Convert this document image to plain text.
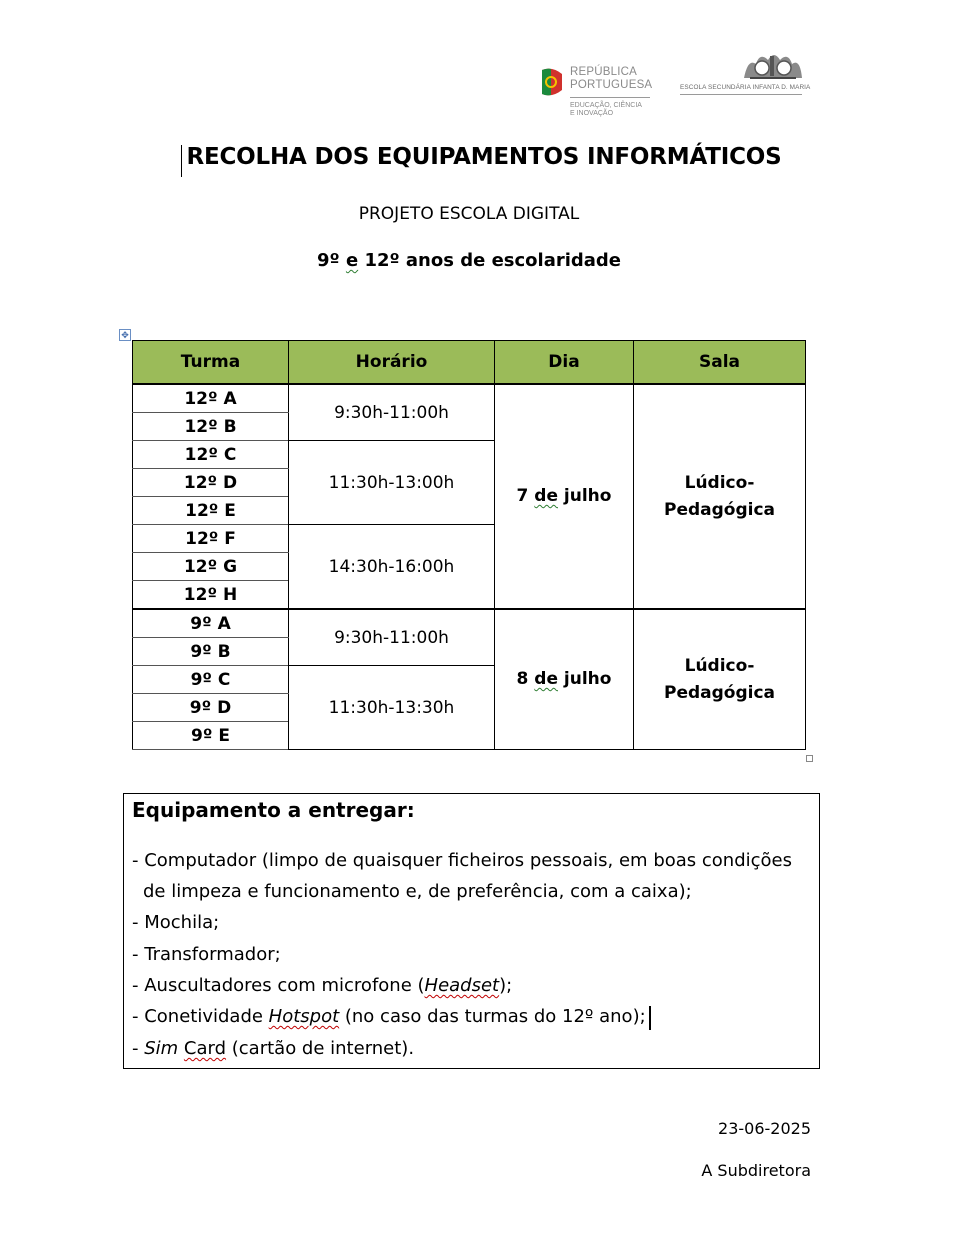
REPÚBLICA
PORTUGUESA
EDUCAÇÃO, CIÊNCIA
E INOVAÇÃO
ESCOLA SECUNDÁRIA INFANTA D. MARIA
RECOLHA DOS EQUIPAMENTOS INFORMÁTICOS
PROJETO ESCOLA DIGITAL
9º e 12º anos de escolaridade
✥
Turma	Horário	Dia	Sala
12º A	9:30h-11:00h	7 de julho	Lúdico-
Pedagógica

12º B			
12º C	11:30h-13:00h		
12º D			
12º E			
12º F	14:30h-16:00h		
12º G			
12º H			
9º A	9:30h-11:00h	8 de julho	Lúdico-
Pedagógica

9º B			
9º C	11:30h-13:30h		
9º D			
9º E			
Equipamento a entregar:
- Computador (limpo de quaisquer ficheiros pessoais, em boas condições
de limpeza e funcionamento e, de preferência, com a caixa);
- Mochila;
- Transformador;
- Auscultadores com microfone (Headset);
- Conetividade Hotspot (no caso das turmas do 12º ano);
- Sim Card (cartão de internet).
23-06-2025
A Subdiretora
